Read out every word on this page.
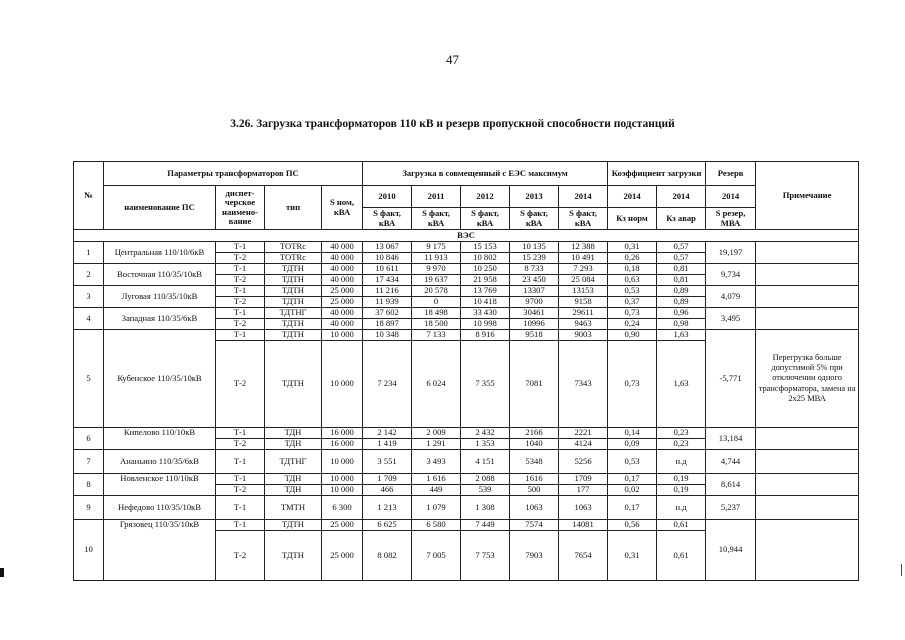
47
3.26. Загрузка трансформаторов 110 кВ и резерв пропускной способности подстанций
№	Параметры трансформаторов ПС				Загрузка в совмещенный с ЕЭС максимум					Коэффициент загрузки		Резерв	Примечание
	наименование ПС	диспет-черское наимено-вание	тип	S ном, кВА	2010	2011	2012	2013	2014	2014	2014	2014	
					S факт, кВА	S факт, кВА	S факт, кВА	S факт, кВА	S факт, кВА	Кз норм	Кз авар	S резер, МВА	
ВЭС													
1	Центральная 110/10/6кВ	Т-1	TOTRc	40 000	13 067	9 175	15 153	10 135	12 388	0,31	0,57	19,197	
		Т-2	TOTRc	40 000	10 846	11 913	10 802	15 239	10 491	0,26	0,57		
2	Восточная 110/35/10кВ	Т-1	ТДТН	40 000	10 611	9 970	10 250	8 733	7 293	0,18	0,81	9,734	
		Т-2	ТДТН	40 000	17 434	19 637	21 958	23 450	25 084	0,63	0,81		
3	Луговая 110/35/10кВ	Т-1	ТДТН	25 000	11 216	20 578	13 769	13307	13153	0,53	0,89	4,079	
		Т-2	ТДТН	25 000	11 939	0	10 418	9700	9158	0,37	0,89		
4	Западная 110/35/6кВ	Т-1	ТДТНГ	40 000	37 602	18 498	33 430	30461	29611	0,73	0,96	3,495	
		Т-2	ТДТН	40 000	18 897	18 500	10 998	10996	9463	0,24	0,98		
5	Кубенское 110/35/10кВ	Т-1	ТДТН	10 000	10 348	7 133	8 916	9518	9003	0,90	1,63	-5,771	Перегрузка больше допустимой 5% при отключении одного трансформатора, замена на 2х25 МВА
		Т-2	ТДТН	10 000	7 234	6 024	7 355	7081	7343	0,73	1,63		
6	Кипелово 110/10кВ	Т-1	ТДН	16 000	2 142	2 009	2 432	2166	2221	0,14	0,23	13,184	
		Т-2	ТДН	16 000	1 419	1 291	1 353	1040	4124	0,09	0,23		
7	Ананьино 110/35/6кВ	Т-1	ТДТНГ	10 000	3 551	3 493	4 151	5348	5256	0,53	н.д	4,744	
8	Новленское 110/10кВ	Т-1	ТДН	10 000	1 709	1 616	2 088	1616	1709	0,17	0,19	8,614	
		Т-2	ТДН	10 000	466	449	539	500	177	0,02	0,19		
9	Нефедово 110/35/10кВ	Т-1	ТМТН	6 300	1 213	1 079	1 308	1063	1063	0,17	н.д	5,237	
10	Грязовец 110/35/10кВ	Т-1	ТДТН	25 000	6 625	6 580	7 449	7574	14081	0,56	0,61	10,944	
		Т-2	ТДТН	25 000	8 082	7 005	7 753	7903	7654	0,31	0,61		
